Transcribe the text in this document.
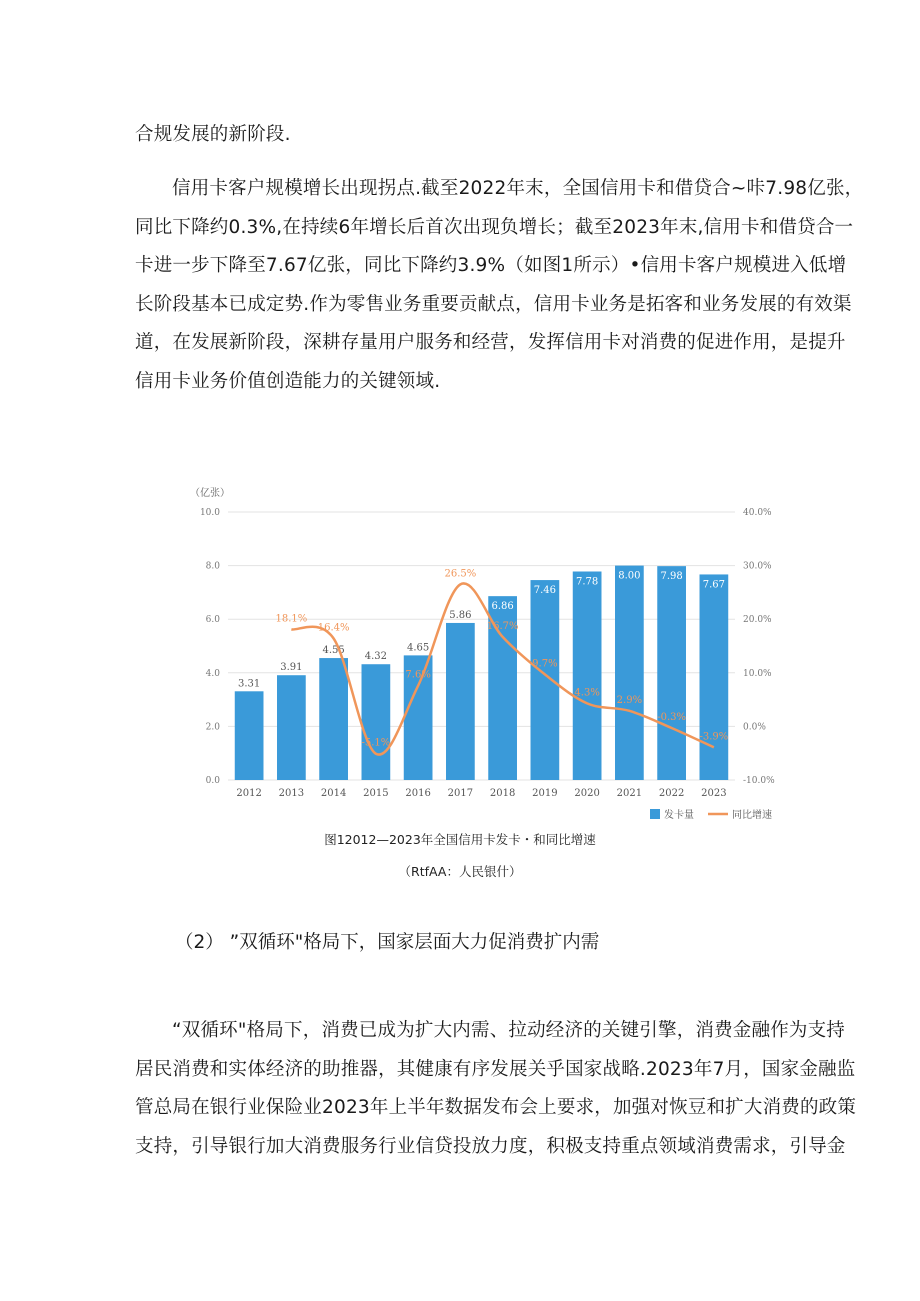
合规发展的新阶段.
信用卡客户规模增长出现拐点.截至2022年末，全国信用卡和借贷合~咔7.98亿张，
同比下降约0.3%,在持续6年增长后首次出现负增长；截至2023年末,信用卡和借贷合一
卡进一步下降至7.67亿张，同比下降约3.9%（如图1所示）•信用卡客户规模进入低增
长阶段基本已成定势.作为零售业务重要贡献点，信用卡业务是拓客和业务发展的有效渠
道，在发展新阶段，深耕存量用户服务和经营，发挥信用卡对消费的促进作用，是提升
信用卡业务价值创造能力的关键领域.
0.0
2.0
4.0
6.0
8.0
10.0
-10.0%
0.0%
10.0%
20.0%
30.0%
40.0%
（亿张）
3.31
3.91
4.55
4.32
4.65
5.86
6.86
7.46
7.78
8.00 7.98
7.67
18.1%
16.4%
-5.1%
7.6%
26.5%
16.7%
9.7%
4.3%
2.9%
-0.3%
-3.9%
2012 2013 2014 2015 2016 2017 2018 2019 2020 2021 2022 2023
发卡量	同比增速
图12012—2023年全国信用卡发卡・和同比增速
（RtfAA：人民银什）
（2） ”双循环"格局下，国家层面大力促消费扩内需
“双循环"格局下，消费已成为扩大内需、拉动经济的关键引擎，消费金融作为支持
居民消费和实体经济的助推器，其健康有序发展关乎国家战略.2023年7月，国家金融监
管总局在银行业保险业2023年上半年数据发布会上要求，加强对恢豆和扩大消费的政策
支持，引导银行加大消费服务行业信贷投放力度，积极支持重点领域消费需求，引导金
